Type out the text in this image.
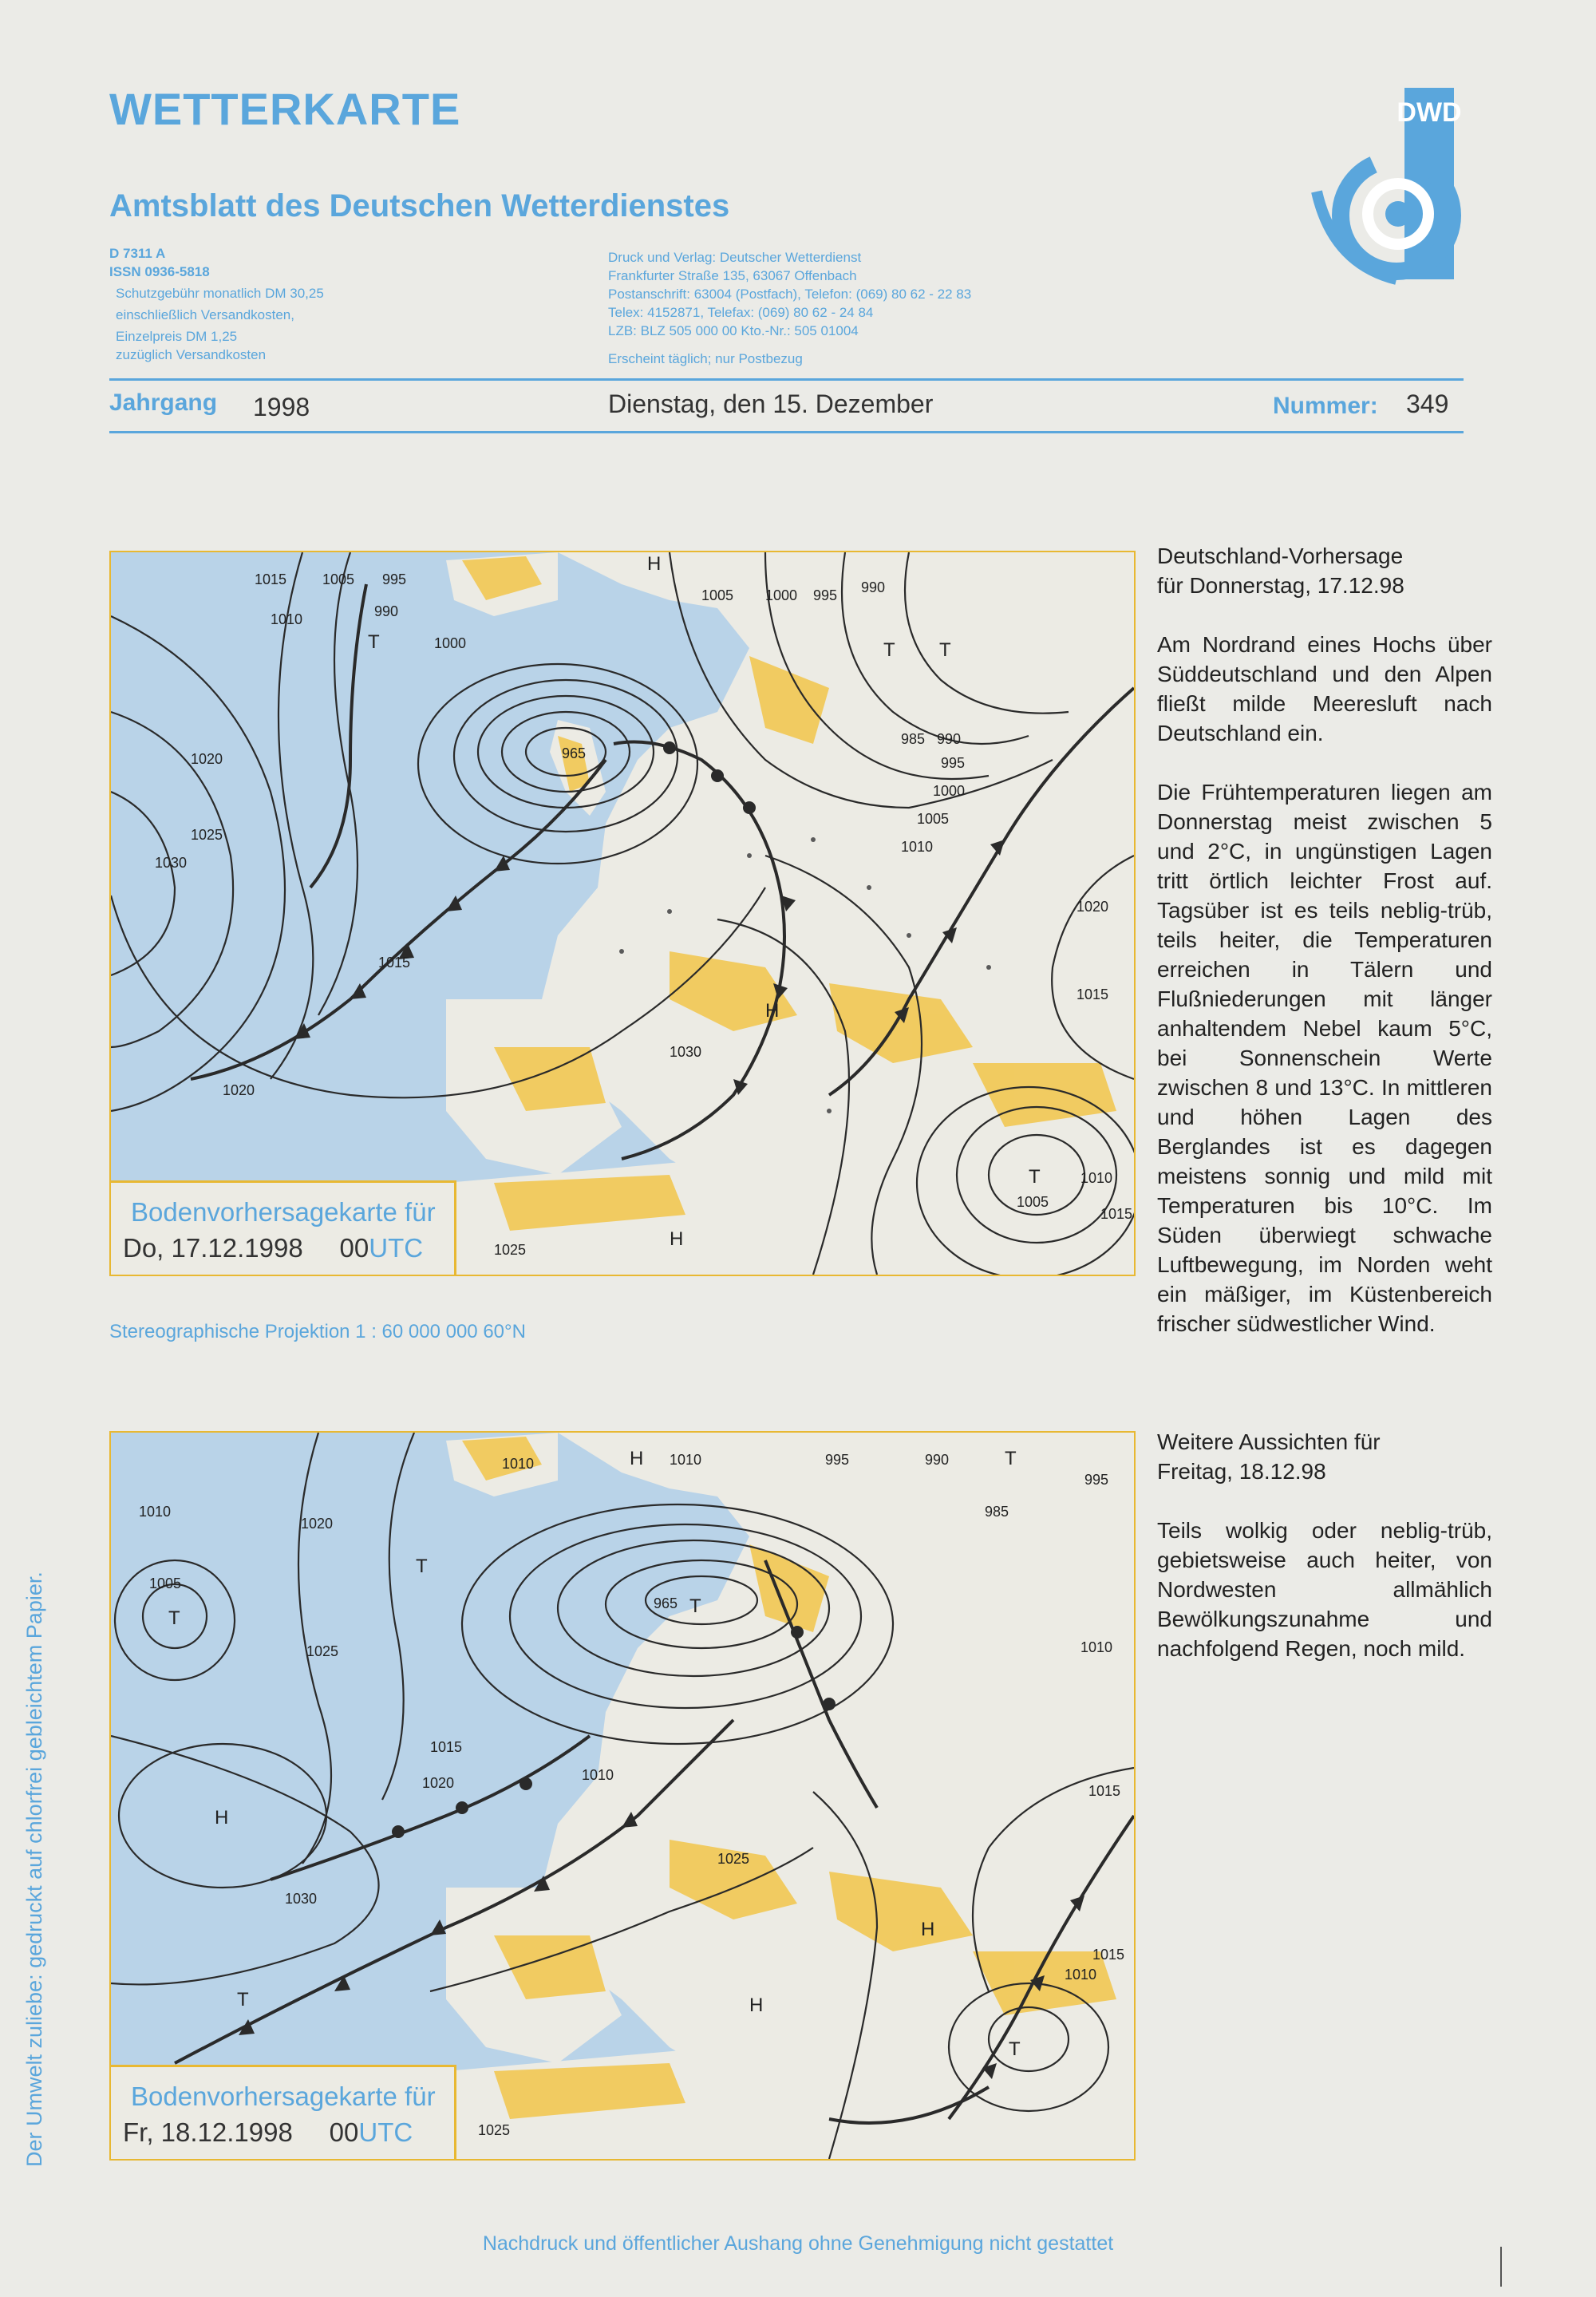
WETTERKARTE
Amtsblatt des Deutschen Wetterdienstes
DWD
D 7311 A
ISSN 0936-5818
Schutzgebühr monatlich DM 30,25
einschließlich Versandkosten,
Einzelpreis DM 1,25
zuzüglich Versandkosten
Druck und Verlag: Deutscher Wetterdienst
Frankfurter Straße 135, 63067 Offenbach
Postanschrift: 63004 (Postfach), Telefon: (069) 80 62 - 22 83
Telex: 4152871, Telefax: (069) 80 62 - 24 84
LZB: BLZ 505 000 00 Kto.-Nr.: 505 01004
Erscheint täglich; nur Postbezug
Jahrgang 1998	Dienstag, den 15. Dezember	Nummer: 349
1015 1005 995
1010	990
1000
1005 1000 995 990
965
985 990
995
1000
1005
1010
1020
1025
1030
1015
1030
1020
1020
1015
1025
1010
1005
1015
H
T	T T
H
T
H
Bodenvorhersagekarte für
Do, 17.12.1998 00UTC
Stereographische Projektion 1 : 60 000 000 60°N
1010
1010	1010	995	990
995
1005
1020
985
965
1025
1015
1020	1010
1010
1030
1025
1015
1015
1010
1025
H
T
T
T
H
H
H
T
T
T
Bodenvorhersagekarte für
Fr, 18.12.1998 00UTC
Deutschland-Vorhersage
für Donnerstag, 17.12.98

Am Nordrand eines Hochs über Süddeutschland und den Alpen fließt milde Meeresluft nach Deutschland ein.

Die Frühtemperaturen liegen am Donnerstag meist zwischen 5 und 2°C, in ungünstigen Lagen tritt örtlich leichter Frost auf. Tagsüber ist es teils neblig-trüb, teils heiter, die Temperaturen erreichen in Tälern und Flußniederungen mit länger anhaltendem Nebel kaum 5°C, bei Sonnenschein Werte zwischen 8 und 13°C. In mittleren und höhen Lagen des Berglandes ist es dagegen meistens sonnig und mild mit Temperaturen bis 10°C. Im Süden überwiegt schwache Luftbewegung, im Norden weht ein mäßiger, im Küstenbereich frischer südwestlicher Wind.

Weitere Aussichten für
Freitag, 18.12.98

Teils wolkig oder neblig-trüb, gebietsweise auch heiter, von Nordwesten allmählich Bewölkungszunahme und nachfolgend Regen, noch mild.

Der Umwelt zuliebe: gedruckt auf chlorfrei gebleichtem Papier.
Nachdruck und öffentlicher Aushang ohne Genehmigung nicht gestattet
